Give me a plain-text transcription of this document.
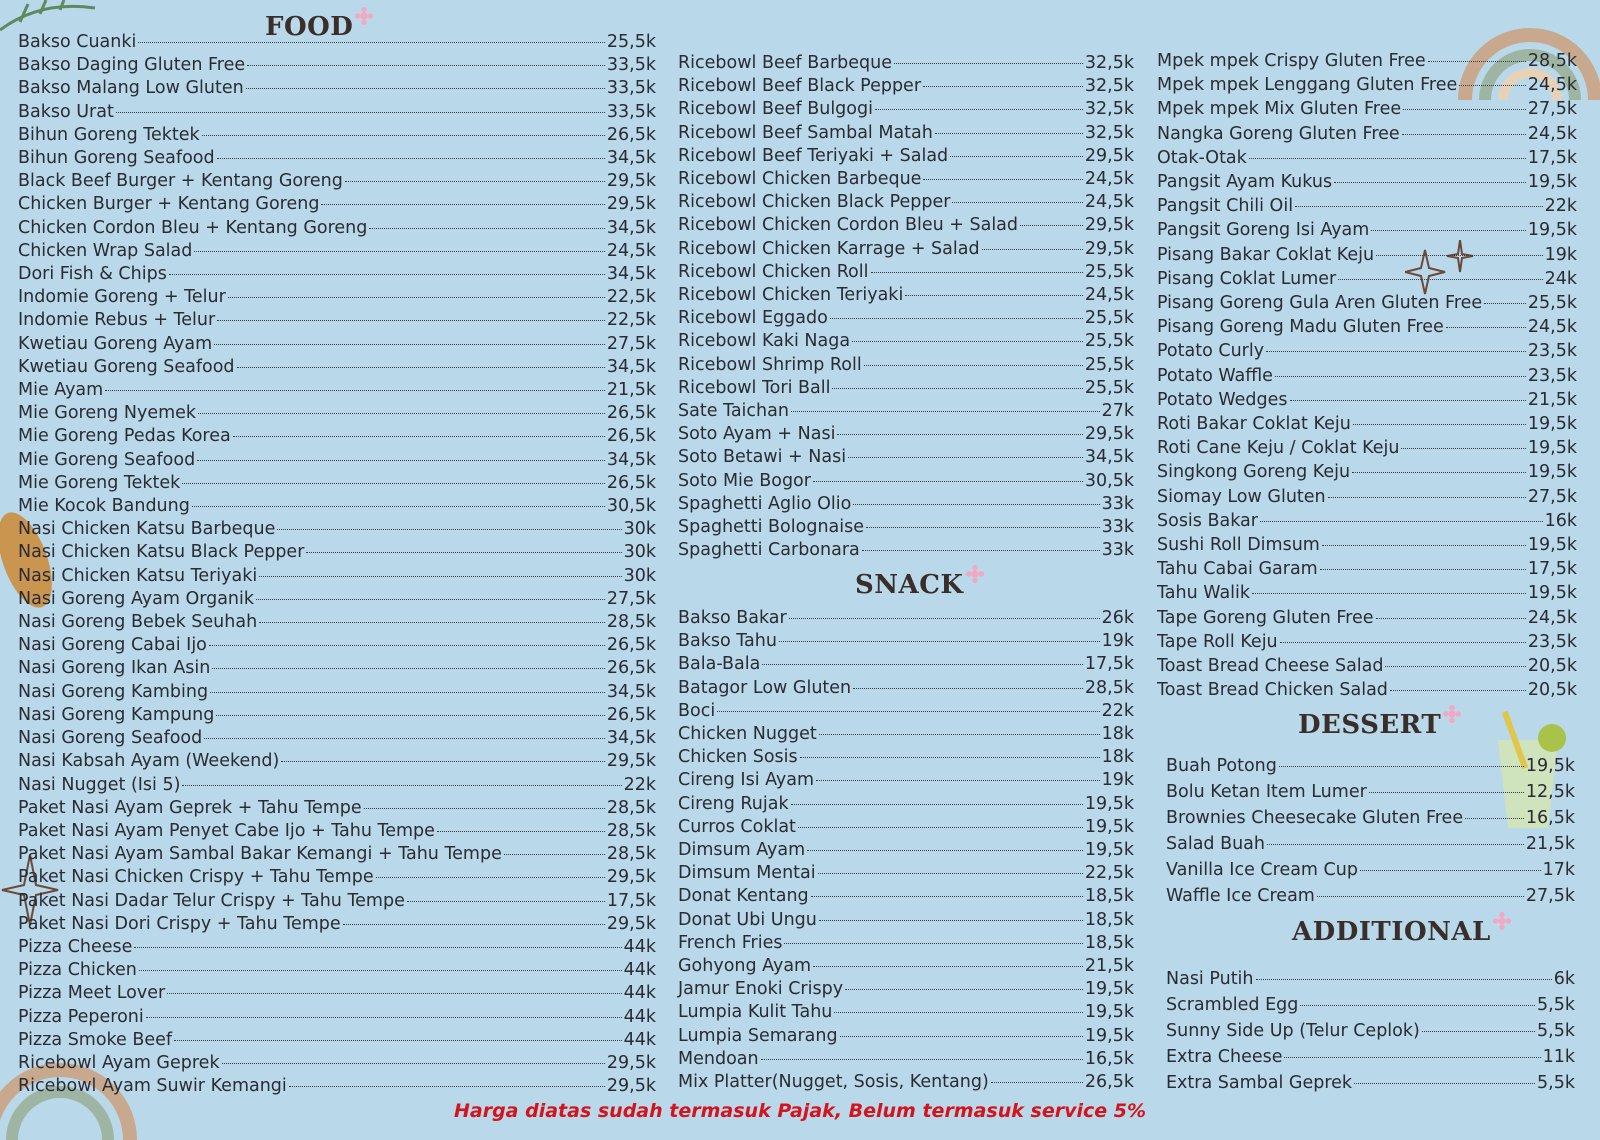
FOOD
SNACK
DESSERT
ADDITIONAL
Bakso Cuanki	25,5k
Bakso Daging Gluten Free	33,5k
Bakso Malang Low Gluten	33,5k
Bakso Urat	33,5k
Bihun Goreng Tektek	26,5k
Bihun Goreng Seafood	34,5k
Black Beef Burger + Kentang Goreng	29,5k
Chicken Burger + Kentang Goreng	29,5k
Chicken Cordon Bleu + Kentang Goreng	34,5k
Chicken Wrap Salad	24,5k
Dori Fish & Chips	34,5k
Indomie Goreng + Telur	22,5k
Indomie Rebus + Telur	22,5k
Kwetiau Goreng Ayam	27,5k
Kwetiau Goreng Seafood	34,5k
Mie Ayam	21,5k
Mie Goreng Nyemek	26,5k
Mie Goreng Pedas Korea	26,5k
Mie Goreng Seafood	34,5k
Mie Goreng Tektek	26,5k
Mie Kocok Bandung	30,5k
Nasi Chicken Katsu Barbeque	30k
Nasi Chicken Katsu Black Pepper	30k
Nasi Chicken Katsu Teriyaki	30k
Nasi Goreng Ayam Organik	27,5k
Nasi Goreng Bebek Seuhah	28,5k
Nasi Goreng Cabai Ijo	26,5k
Nasi Goreng Ikan Asin	26,5k
Nasi Goreng Kambing	34,5k
Nasi Goreng Kampung	26,5k
Nasi Goreng Seafood	34,5k
Nasi Kabsah Ayam (Weekend)	29,5k
Nasi Nugget (Isi 5)	22k
Paket Nasi Ayam Geprek + Tahu Tempe	28,5k
Paket Nasi Ayam Penyet Cabe Ijo + Tahu Tempe	28,5k
Paket Nasi Ayam Sambal Bakar Kemangi + Tahu Tempe	28,5k
Paket Nasi Chicken Crispy + Tahu Tempe	29,5k
Paket Nasi Dadar Telur Crispy + Tahu Tempe	17,5k
Paket Nasi Dori Crispy + Tahu Tempe	29,5k
Pizza Cheese	44k
Pizza Chicken	44k
Pizza Meet Lover	44k
Pizza Peperoni	44k
Pizza Smoke Beef	44k
Ricebowl Ayam Geprek	29,5k
Ricebowl Ayam Suwir Kemangi	29,5k
Ricebowl Beef Barbeque	32,5k
Ricebowl Beef Black Pepper	32,5k
Ricebowl Beef Bulgogi	32,5k
Ricebowl Beef Sambal Matah	32,5k
Ricebowl Beef Teriyaki + Salad	29,5k
Ricebowl Chicken Barbeque	24,5k
Ricebowl Chicken Black Pepper	24,5k
Ricebowl Chicken Cordon Bleu + Salad	29,5k
Ricebowl Chicken Karrage + Salad	29,5k
Ricebowl Chicken Roll	25,5k
Ricebowl Chicken Teriyaki	24,5k
Ricebowl Eggado	25,5k
Ricebowl Kaki Naga	25,5k
Ricebowl Shrimp Roll	25,5k
Ricebowl Tori Ball	25,5k
Sate Taichan	27k
Soto Ayam + Nasi	29,5k
Soto Betawi + Nasi	34,5k
Soto Mie Bogor	30,5k
Spaghetti Aglio Olio	33k
Spaghetti Bolognaise	33k
Spaghetti Carbonara	33k
Bakso Bakar	26k
Bakso Tahu	19k
Bala-Bala	17,5k
Batagor Low Gluten	28,5k
Boci	22k
Chicken Nugget	18k
Chicken Sosis	18k
Cireng Isi Ayam	19k
Cireng Rujak	19,5k
Curros Coklat	19,5k
Dimsum Ayam	19,5k
Dimsum Mentai	22,5k
Donat Kentang	18,5k
Donat Ubi Ungu	18,5k
French Fries	18,5k
Gohyong Ayam	21,5k
Jamur Enoki Crispy	19,5k
Lumpia Kulit Tahu	19,5k
Lumpia Semarang	19,5k
Mendoan	16,5k
Mix Platter(Nugget, Sosis, Kentang)	26,5k
Mpek mpek Crispy Gluten Free	28,5k
Mpek mpek Lenggang Gluten Free	24,5k
Mpek mpek Mix Gluten Free	27,5k
Nangka Goreng Gluten Free	24,5k
Otak-Otak	17,5k
Pangsit Ayam Kukus	19,5k
Pangsit Chili Oil	22k
Pangsit Goreng Isi Ayam	19,5k
Pisang Bakar Coklat Keju	19k
Pisang Coklat Lumer	24k
Pisang Goreng Gula Aren Gluten Free	25,5k
Pisang Goreng Madu Gluten Free	24,5k
Potato Curly	23,5k
Potato Waffle	23,5k
Potato Wedges	21,5k
Roti Bakar Coklat Keju	19,5k
Roti Cane Keju / Coklat Keju	19,5k
Singkong Goreng Keju	19,5k
Siomay Low Gluten	27,5k
Sosis Bakar	16k
Sushi Roll Dimsum	19,5k
Tahu Cabai Garam	17,5k
Tahu Walik	19,5k
Tape Goreng Gluten Free	24,5k
Tape Roll Keju	23,5k
Toast Bread Cheese Salad	20,5k
Toast Bread Chicken Salad	20,5k
Buah Potong	19,5k
Bolu Ketan Item Lumer	12,5k
Brownies Cheesecake Gluten Free	16,5k
Salad Buah	21,5k
Vanilla Ice Cream Cup	17k
Waffle Ice Cream	27,5k
Nasi Putih	6k
Scrambled Egg	5,5k
Sunny Side Up (Telur Ceplok)	5,5k
Extra Cheese	11k
Extra Sambal Geprek	5,5k
Harga diatas sudah termasuk Pajak, Belum termasuk service 5%
